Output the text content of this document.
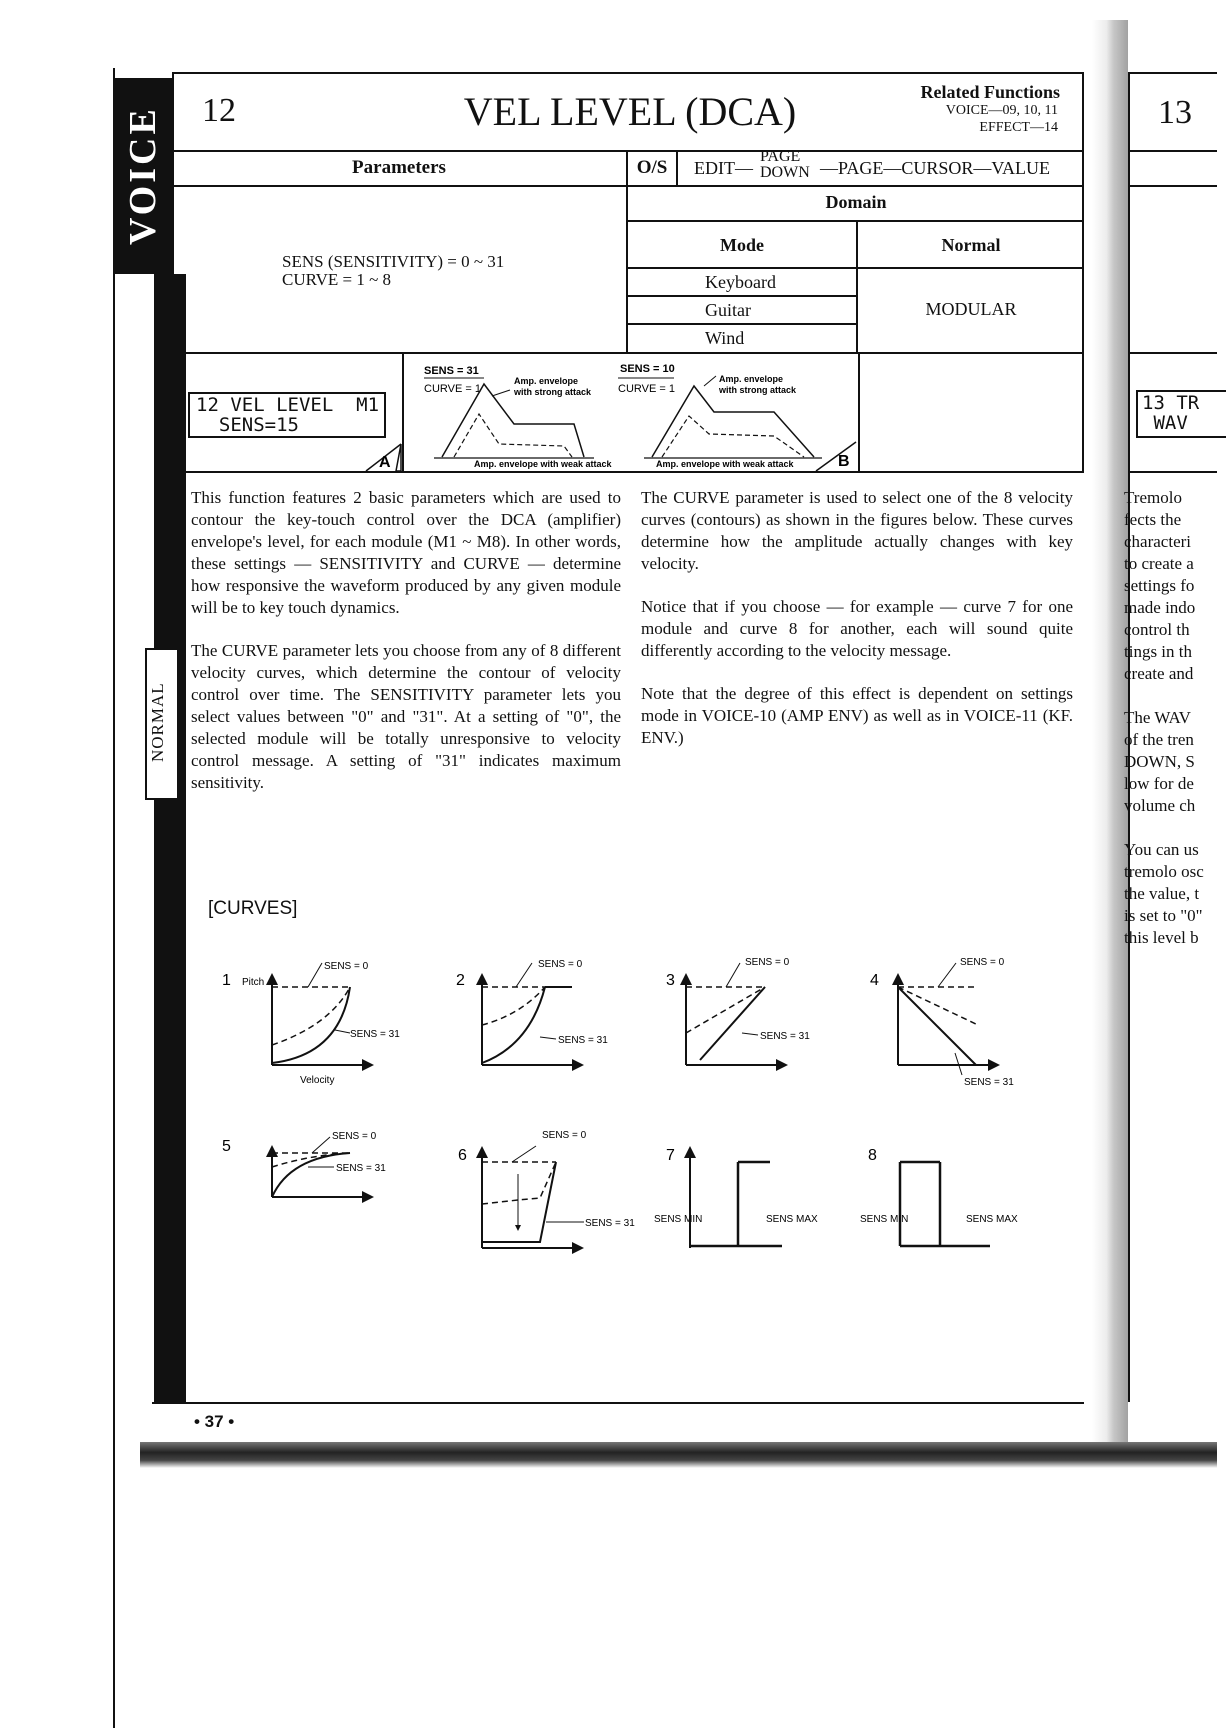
VOICE
NORMAL
12	VEL LEVEL (DCA)	Related Functions
VOICE—09, 10, 11
EFFECT—14
Parameters	O/S	EDIT—
PAGE
DOWN —PAGE—CURSOR—VALUE
SENS (SENSITIVITY) = 0 ~ 31
CURVE = 1 ~ 8
Domain
Mode	Normal
Keyboard
Guitar
Wind
MODULAR
12 VEL LEVEL  M1
SENS=15
A
SENS = 31
CURVE = 1
Amp. envelope
with strong attack
Amp. envelope with weak attack
SENS = 10
CURVE = 1
Amp. envelope
with strong attack
Amp. envelope with weak attack	B

This function features 2 basic parameters which are used to contour the key-touch control over the DCA (amplifier) envelope's level, for each module (M1 ~ M8). In other words, these settings — SENSITIVITY and CURVE — determine how responsive the waveform produced by any given module will be to key touch dynamics.

The CURVE parameter lets you choose from any of 8 different velocity curves, which determine the contour of velocity control over time. The SENSITIVITY parameter lets you select values between "0" and "31". At a setting of "0", the selected module will be totally unresponsive to velocity control message. A setting of "31" indicates maximum sensitivity.

The CURVE parameter is used to select one of the 8 velocity curves (contours) as shown in the figures below. These curves determine how the amplitude actually changes with key velocity.

Notice that if you choose — for example — curve 7 for one module and curve 8 for another, each will sound quite differently according to the velocity message.

Note that the degree of this effect is dependent on settings mode in VOICE-10 (AMP ENV) as well as in VOICE-11 (KF. ENV.)

[CURVES]
1 Pitch
SENS = 0
SENS = 31
Velocity
2
SENS = 0
SENS = 31
3
SENS = 0
SENS = 31
4
SENS = 0
SENS = 31
5
SENS = 0
SENS = 31
6
SENS = 0
SENS = 31
7
SENS MIN	SENS MAX
8
SENS MIN	SENS MAX
• 37 •
13
13 TR
WAV
Tremolo
fects the
characteri
to create a
settings fo
made indo
control th
tings in th
create and
The WAV
of the tren
DOWN, S
low for de
volume ch
You can us
tremolo osc
the value, t
is set to "0"
this level b
